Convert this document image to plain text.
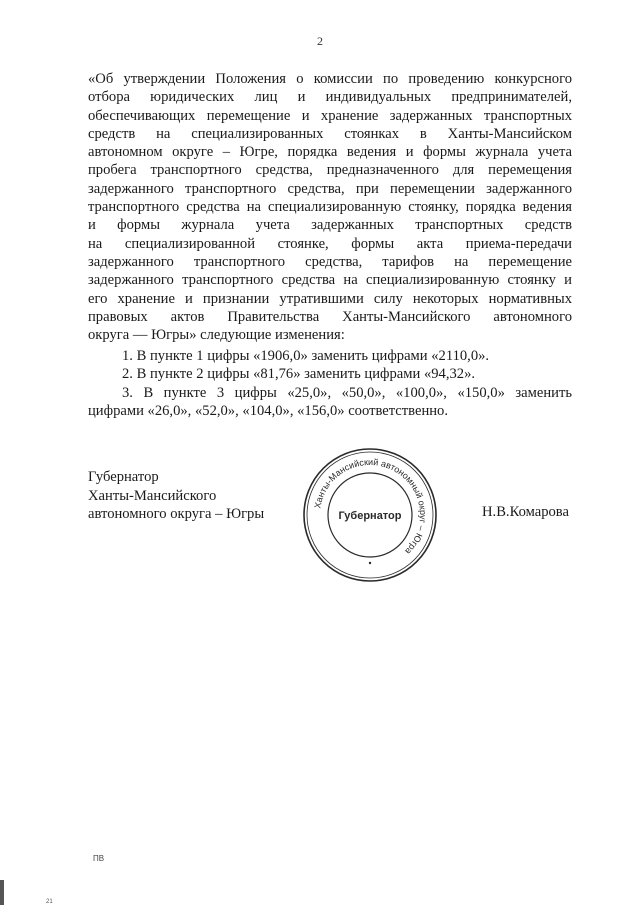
2
«Об утверждении Положения о комиссии по проведению конкурсного
отбора юридических лиц и индивидуальных предпринимателей,
обеспечивающих перемещение и хранение задержанных транспортных
средств на специализированных стоянках в Ханты-Мансийском
автономном округе – Югре, порядка ведения и формы журнала учета
пробега транспортного средства, предназначенного для перемещения
задержанного транспортного средства, при перемещении задержанного
транспортного средства на специализированную стоянку, порядка ведения
и формы журнала учета задержанных транспортных средств
на специализированной стоянке, формы акта приема-передачи
задержанного транспортного средства, тарифов на перемещение
задержанного транспортного средства на специализированную стоянку и
его хранение и признании утратившими силу некоторых нормативных
правовых актов Правительства Ханты-Мансийского автономного
округа — Югры» следующие изменения:
1. В пункте 1 цифры «1906,0» заменить цифрами «2110,0».
2. В пункте 2 цифры «81,76» заменить цифрами «94,32».
3. В пункте 3 цифры «25,0», «50,0», «100,0», «150,0» заменить
цифрами «26,0», «52,0», «104,0», «156,0» соответственно.
Губернатор
Ханты-Мансийского
автономного округа – Югры
Ханты-Мансийский автономный округ – Югра
Губернатор	Н.В.Комарова
ПВ
21
